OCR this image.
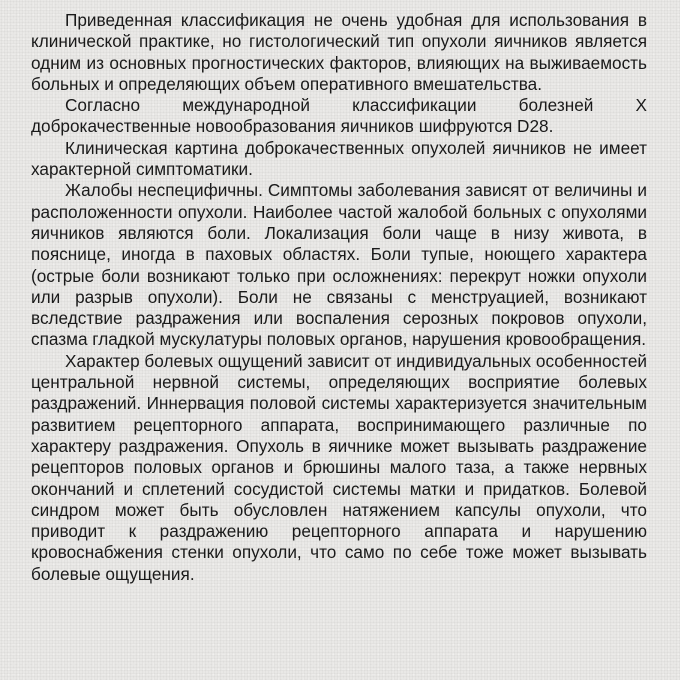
Приведенная классификация не очень удобная для использования в клинической практике, но гистологический тип опухоли яичников является одним из основных прогностических факторов, влияющих на выживаемость больных и определяющих объем оперативного вмешательства.

Согласно международной классификации болезней X доброкачественные новообразования яичников шифруются D28.

Клиническая картина доброкачественных опухолей яичников не имеет характерной симптоматики.

Жалобы неспецифичны. Симптомы заболевания зависят от величины и расположенности опухоли. Наиболее частой жалобой больных с опухолями яичников являются боли. Локализация боли чаще в низу живота, в пояснице, иногда в паховых областях. Боли тупые, ноющего характера (острые боли возникают только при осложнениях: перекрут ножки опухоли или разрыв опухоли). Боли не связаны с менструацией, возникают вследствие раздражения или воспаления серозных покровов опухоли, спазма гладкой мускулатуры половых органов, нарушения кровообращения.

Характер болевых ощущений зависит от индивидуальных особенностей центральной нервной системы, определяющих восприятие болевых раздражений. Иннервация половой системы характеризуется значительным развитием рецепторного аппарата, воспринимающего различные по характеру раздражения. Опухоль в яичнике может вызывать раздражение рецепторов половых органов и брюшины малого таза, а также нервных окончаний и сплетений сосудистой системы матки и придатков. Болевой синдром может быть обусловлен натяжением капсулы опухоли, что приводит к раздражению рецепторного аппарата и нарушению кровоснабжения стенки опухоли, что само по себе тоже может вызывать болевые ощущения.
